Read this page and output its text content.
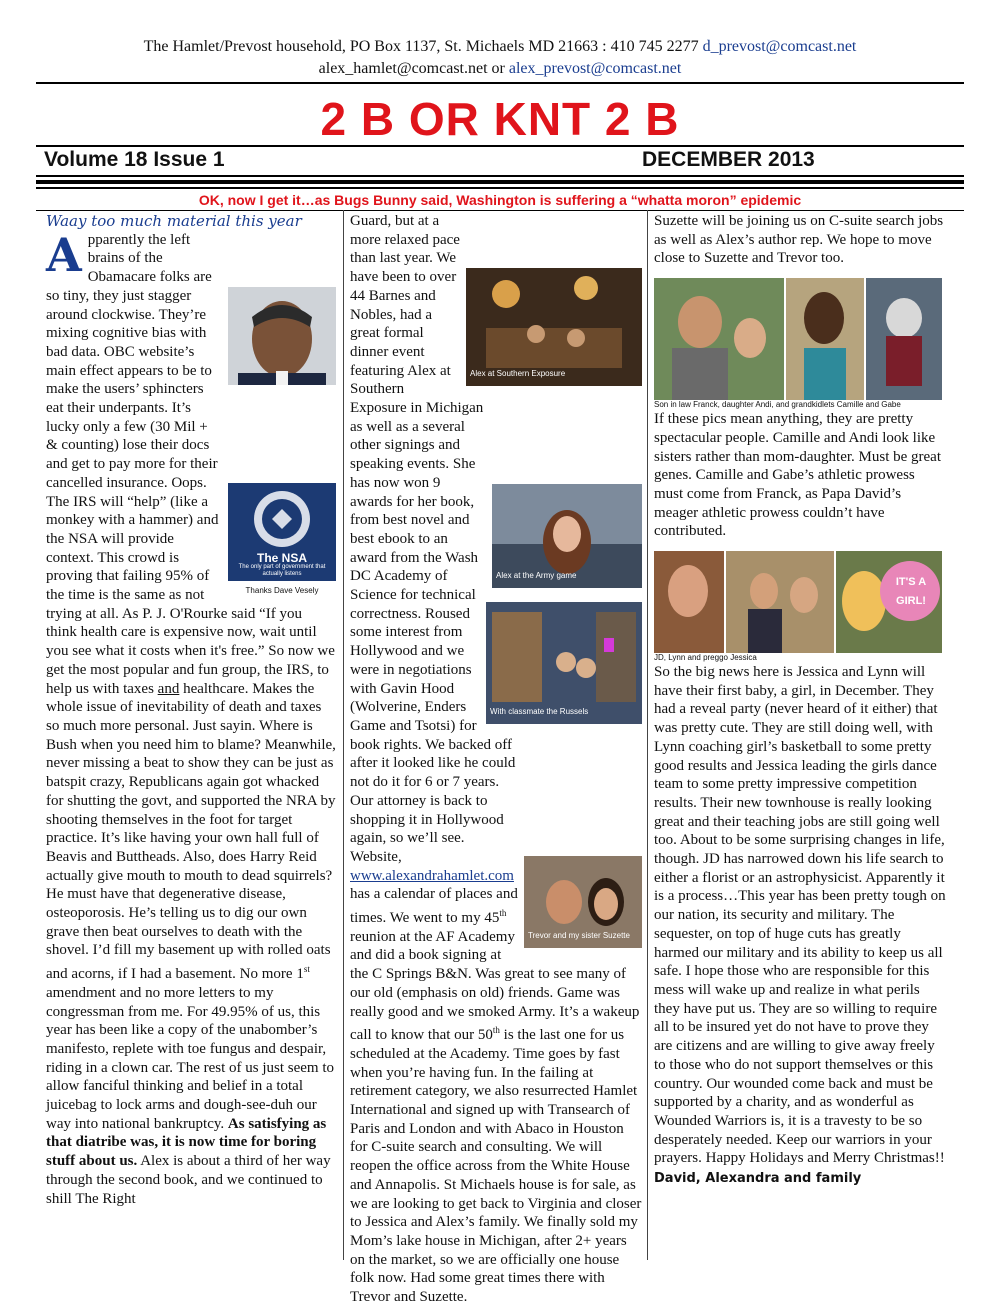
The Hamlet/Prevost household, PO Box 1137, St. Michaels MD 21663 : 410 745 2277 d_prevost@comcast.net
alex_hamlet@comcast.net or alex_prevost@comcast.net
2 B OR KNT 2 B
Volume 18 Issue 1	DECEMBER 2013
OK, now I get it…as Bugs Bunny said, Washington is suffering a “whatta moron” epidemic
Waay too much material this year
A
The NSA
The only part of government that actually listens
Thanks Dave Vesely

pparently the left brains of the Obamacare folks are so tiny, they just stagger around clockwise. They’re mixing cognitive bias with bad data. OBC website’s main effect appears to be to make the users’ sphincters eat their underpants. It’s lucky only a few (30 Mil + & counting) lose their docs and get to pay more for their cancelled insurance. Oops. The IRS will “help” (like a monkey with a hammer) and the NSA will provide context. This crowd is proving that failing 95% of the time is the same as not trying at all. As P. J. O'Rourke said “If you think health care is expensive now, wait until you see what it costs when it's free.” So now we get the most popular and fun group, the IRS, to help us with taxes and healthcare. Makes the whole issue of inevitability of death and taxes so much more personal. Just sayin. Where is Bush when you need him to blame? Meanwhile, never missing a beat to show they can be just as batspit crazy, Republicans again got whacked for shutting the govt, and supported the NRA by shooting themselves in the foot for target practice. It’s like having your own hall full of Beavis and Buttheads. Also, does Harry Reid actually give mouth to mouth to dead squirrels? He must have that degenerative disease, osteoporosis. He’s telling us to dig our own grave then beat ourselves to death with the shovel. I’d fill my basement up with rolled oats and acorns, if I had a basement. No more 1st amendment and no more letters to my congressman from me. For 49.95% of us, this year has been like a copy of the unabomber’s manifesto, replete with toe fungus and despair, riding in a clown car. The rest of us just seem to allow fanciful thinking and belief in a total juicebag to lock arms and dough-see-duh our way into national bankruptcy. As satisfying as that diatribe was, it is now time for boring stuff about us. Alex is about a third of her way through the second book, and we continued to shill The Right

Alex at Southern Exposure
Alex at the Army game
With classmate the Russels
Trevor and my sister Suzette

Guard, but at a more relaxed pace than last year. We have been to over 44 Barnes and Nobles, had a great formal dinner event featuring Alex at Southern Exposure in Michigan as well as a several other signings and speaking events. She has now won 9 awards for her book, from best novel and best ebook to an award from the Wash DC Academy of Science for technical correctness. Roused some interest from Hollywood and we were in negotiations with Gavin Hood (Wolverine, Enders Game and Tsotsi) for book rights. We backed off after it looked like he could not do it for 6 or 7 years. Our attorney is back to shopping it in Hollywood again, so we’ll see. Website, www.alexandrahamlet.com has a calendar of places and times. We went to my 45th reunion at the AF Academy and did a book signing at the C Springs B&N. Was great to see many of our old (emphasis on old) friends. Game was really good and we smoked Army. It’s a wakeup call to know that our 50th is the last one for us scheduled at the Academy. Time goes by fast when you’re having fun. In the failing at retirement category, we also resurrected Hamlet International and signed up with Transearch of Paris and London and with Abaco in Houston for C-suite search and consulting. We will reopen the office across from the White House and Annapolis. St Michaels house is for sale, as we are looking to get back to Virginia and closer to Jessica and Alex’s family. We finally sold my Mom’s lake house in Michigan, after 2+ years on the market, so we are officially one house folk now. Had some great times there with Trevor and Suzette.

Suzette will be joining us on C-suite search jobs as well as Alex’s author rep. We hope to move close to Suzette and Trevor too.

Son in law Franck, daughter Andi, and grandkidlets Camille and Gabe

If these pics mean anything, they are pretty spectacular people. Camille and Andi look like sisters rather than mom-daughter. Must be great genes. Camille and Gabe’s athletic prowess must come from Franck, as Papa David’s meager athletic prowess couldn’t have contributed.

IT'S A GIRL!
JD, Lynn and preggo Jessica

So the big news here is Jessica and Lynn will have their first baby, a girl, in December. They had a reveal party (never heard of it either) that was pretty cute. They are still doing well, with Lynn coaching girl’s basketball to some pretty good results and Jessica leading the girls dance team to some pretty impressive competition results. Their new townhouse is really looking great and their teaching jobs are still going well too. About to be some surprising changes in life, though. JD has narrowed down his life search to either a florist or an astrophysicist. Apparently it is a process…This year has been pretty tough on our nation, its security and military. The sequester, on top of huge cuts has greatly harmed our military and its ability to keep us all safe. I hope those who are responsible for this mess will wake up and realize in what perils they have put us. They are so willing to require all to be insured yet do not have to prove they are citizens and are willing to give away freely to those who do not support themselves or this country. Our wounded come back and must be supported by a charity, and as wonderful as Wounded Warriors is, it is a travesty to be so desperately needed. Keep our warriors in your prayers. Happy Holidays and Merry Christmas!!

David, Alexandra and family
